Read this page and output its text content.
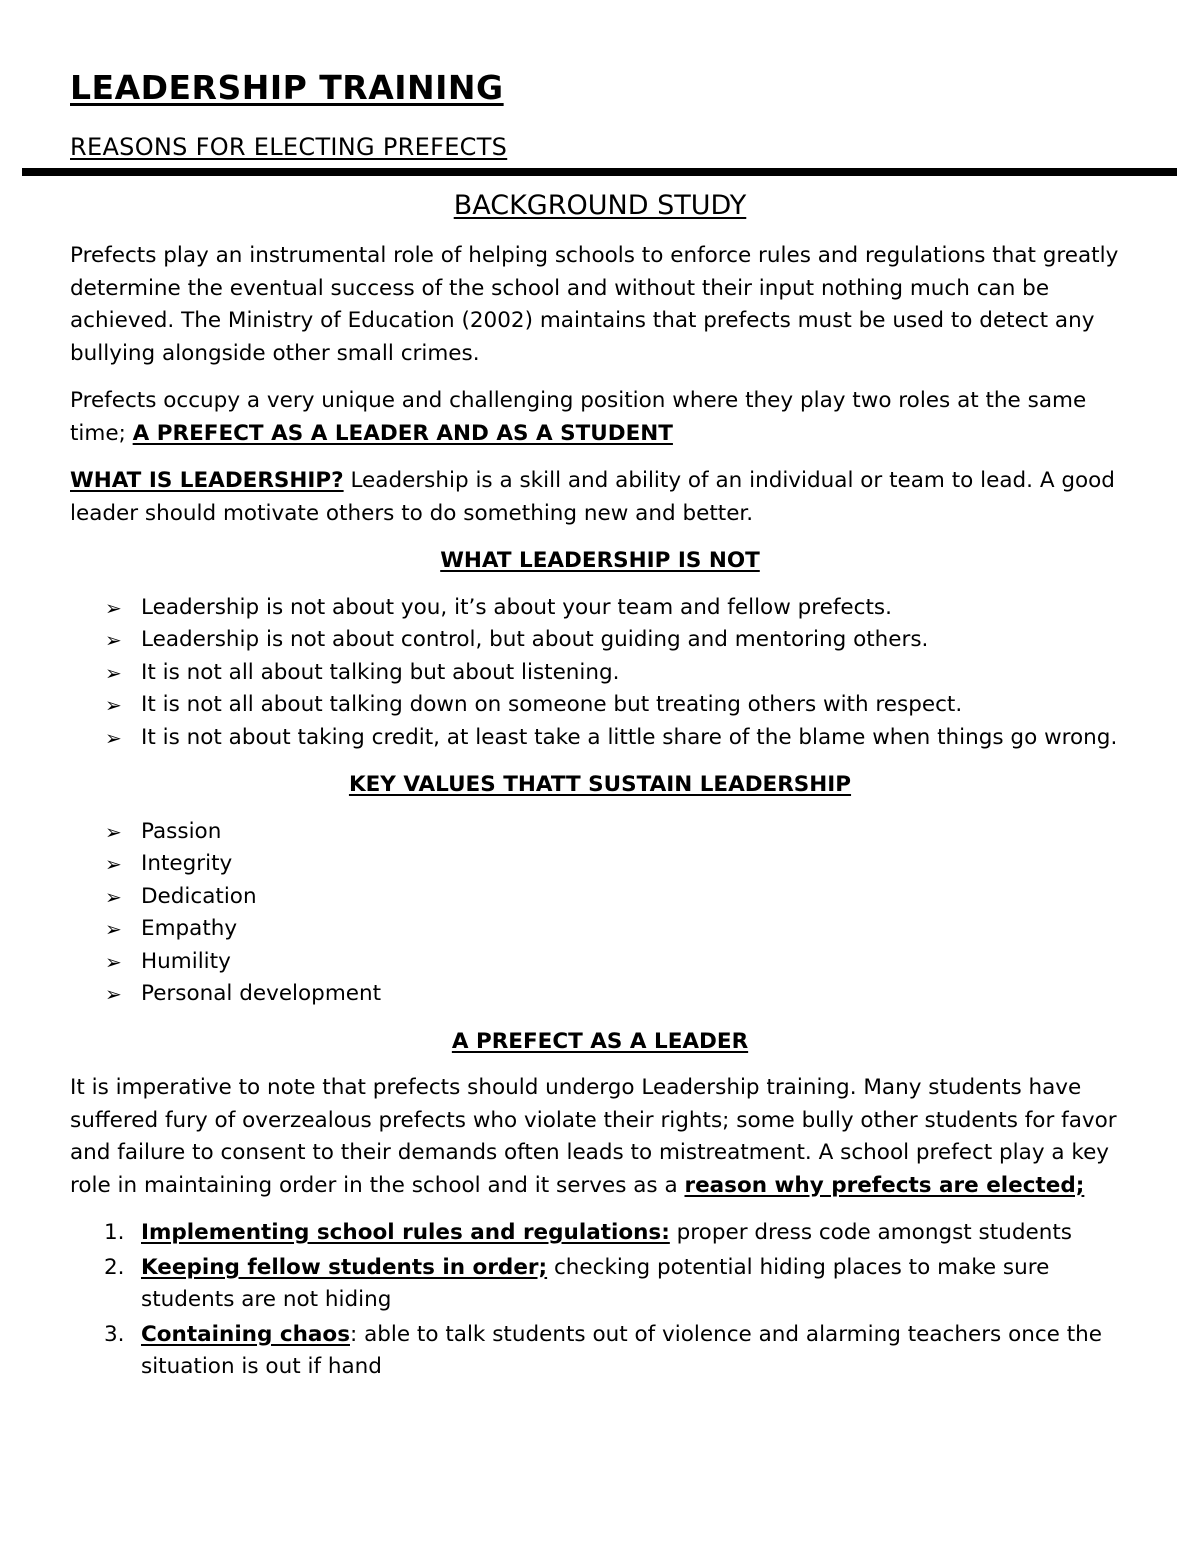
LEADERSHIP TRAINING
REASONS FOR ELECTING PREFECTS
BACKGROUND STUDY

Prefects play an instrumental role of helping schools to enforce rules and regulations that greatly determine the eventual success of the school and without their input nothing much can be achieved. The Ministry of Education (2002) maintains that prefects must be used to detect any bullying alongside other small crimes.

Prefects occupy a very unique and challenging position where they play two roles at the same time; A PREFECT AS A LEADER AND AS A STUDENT

WHAT IS LEADERSHIP? Leadership is a skill and ability of an individual or team to lead. A good leader should motivate others to do something new and better.

WHAT LEADERSHIP IS NOT
➢ Leadership is not about you, it’s about your team and fellow prefects.
➢ Leadership is not about control, but about guiding and mentoring others.
➢ It is not all about talking but about listening.
➢ It is not all about talking down on someone but treating others with respect.
➢ It is not about taking credit, at least take a little share of the blame when things go wrong.
KEY VALUES THATT SUSTAIN LEADERSHIP
➢ Passion
➢ Integrity
➢ Dedication
➢ Empathy
➢ Humility
➢ Personal development
A PREFECT AS A LEADER

It is imperative to note that prefects should undergo Leadership training. Many students have suffered fury of overzealous prefects who violate their rights; some bully other students for favor and failure to consent to their demands often leads to mistreatment. A school prefect play a key role in maintaining order in the school and it serves as a reason why prefects are elected;

1. Implementing school rules and regulations: proper dress code amongst students
2. Keeping fellow students in order; checking potential hiding places to make sure students are not hiding
3. Containing chaos: able to talk students out of violence and alarming teachers once the situation is out if hand
